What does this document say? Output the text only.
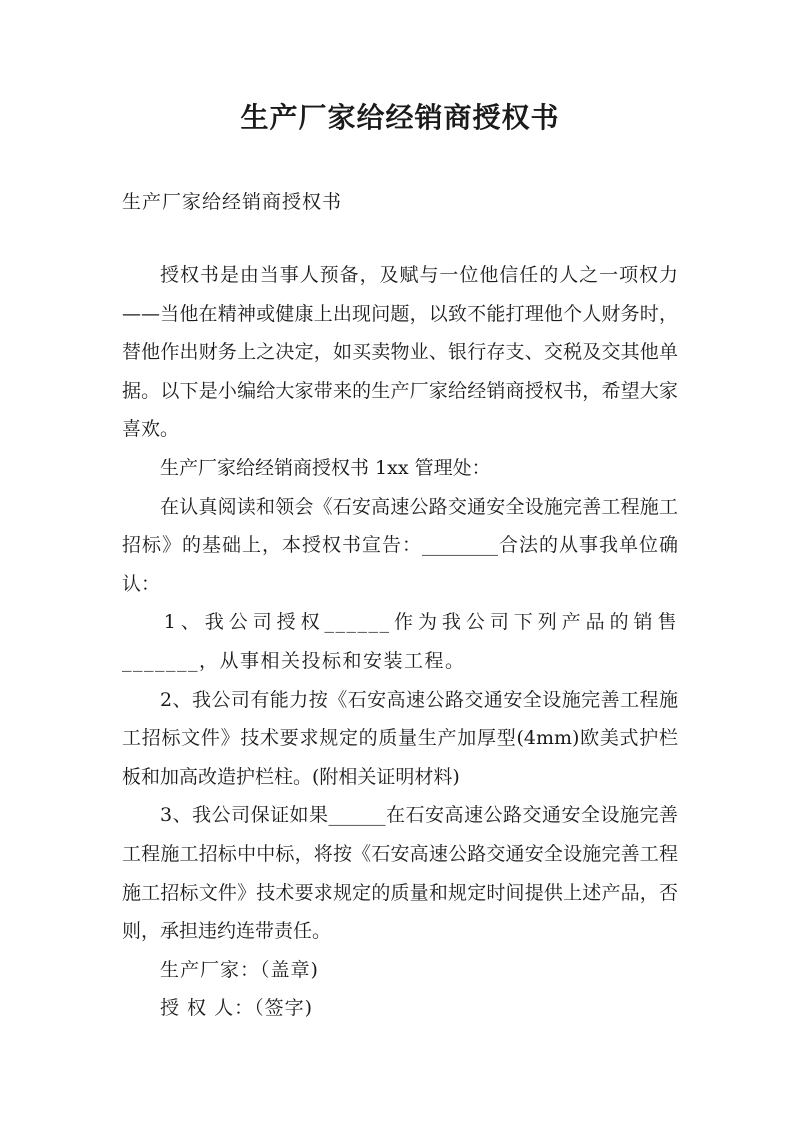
生产厂家给经销商授权书
生产厂家给经销商授权书

授权书是由当事人预备，及赋与一位他信任的人之一项权力——当他在精神或健康上出现问题，以致不能打理他个人财务时，替他作出财务上之决定，如买卖物业、银行存支、交税及交其他单据。以下是小编给大家带来的生产厂家给经销商授权书，希望大家喜欢。

生产厂家给经销商授权书 1xx 管理处：

在认真阅读和领会《石安高速公路交通安全设施完善工程施工招标》的基础上，本授权书宣告：________合法的从事我单位确认：

1、我公司授权______作为我公司下列产品的销售_______，从事相关投标和安装工程。

2、我公司有能力按《石安高速公路交通安全设施完善工程施工招标文件》技术要求规定的质量生产加厚型(4mm)欧美式护栏板和加高改造护栏柱。(附相关证明材料)

3、我公司保证如果______在石安高速公路交通安全设施完善工程施工招标中中标，将按《石安高速公路交通安全设施完善工程施工招标文件》技术要求规定的质量和规定时间提供上述产品，否则，承担违约连带责任。

生产厂家：（盖章)

授 权 人：（签字)
